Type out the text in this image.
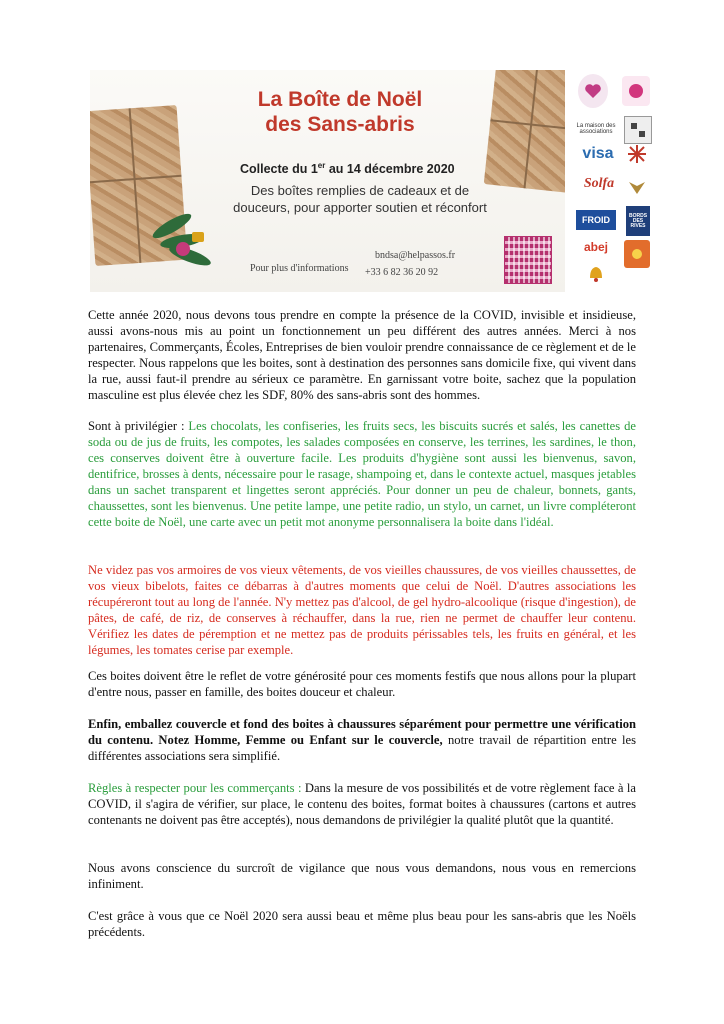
La Boîte de Noël
des Sans-abris
Collecte du 1er au 14 décembre 2020
Des boîtes remplies de cadeaux et de
douceurs, pour apporter soutien et réconfort
Pour plus d'informations
bndsa@helpassos.fr
+33 6 82 36 20 92
La maison des associations
visa
Solfa
FROID	BORDS DES RIVES
abej
Cette année 2020, nous devons tous prendre en compte la présence de la COVID, invisible et insidieuse, aussi avons-nous mis au point un fonctionnement un peu différent des autres années. Merci à nos partenaires, Commerçants, Écoles, Entreprises de bien vouloir prendre connaissance de ce règlement et de le respecter. Nous rappelons que les boites, sont à destination des personnes sans domicile fixe, qui vivent dans la rue, aussi faut-il prendre au sérieux ce paramètre. En garnissant votre boite, sachez que la population masculine est plus élevée chez les SDF, 80% des sans-abris sont des hommes.
Sont à privilégier : Les chocolats, les confiseries, les fruits secs, les biscuits sucrés et salés, les canettes de soda ou de jus de fruits, les compotes, les salades composées en conserve, les terrines, les sardines, le thon, ces conserves doivent être à ouverture facile. Les produits d'hygiène sont aussi les bienvenus, savon, dentifrice, brosses à dents, nécessaire pour le rasage, shampoing et, dans le contexte actuel, masques jetables dans un sachet transparent et lingettes seront appréciés. Pour donner un peu de chaleur, bonnets, gants, chaussettes, sont les bienvenus. Une petite lampe, une petite radio, un stylo, un carnet, un livre compléteront cette boite de Noël, une carte avec un petit mot anonyme personnalisera la boite dans l'idéal.
Ne videz pas vos armoires de vos vieux vêtements, de vos vieilles chaussures, de vos vieilles chaussettes, de vos vieux bibelots, faites ce débarras à d'autres moments que celui de Noël. D'autres associations les récupéreront tout au long de l'année. N'y mettez pas d'alcool, de gel hydro-alcoolique (risque d'ingestion), de pâtes, de café, de riz, de conserves à réchauffer, dans la rue, rien ne permet de chauffer leur contenu. Vérifiez les dates de péremption et ne mettez pas de produits périssables tels, les fruits en général, et les légumes, les tomates cerise par exemple.
Ces boites doivent être le reflet de votre générosité pour ces moments festifs que nous allons pour la plupart d'entre nous, passer en famille, des boites douceur et chaleur.
Enfin, emballez couvercle et fond des boites à chaussures séparément pour permettre une vérification du contenu. Notez Homme, Femme ou Enfant sur le couvercle, notre travail de répartition entre les différentes associations sera simplifié.
Règles à respecter pour les commerçants : Dans la mesure de vos possibilités et de votre règlement face à la COVID, il s'agira de vérifier, sur place, le contenu des boites, format boites à chaussures (cartons et autres contenants ne doivent pas être acceptés), nous demandons de privilégier la qualité plutôt que la quantité.
Nous avons conscience du surcroît de vigilance que nous vous demandons, nous vous en remercions infiniment.
C'est grâce à vous que ce Noël 2020 sera aussi beau et même plus beau pour les sans-abris que les Noëls précédents.
